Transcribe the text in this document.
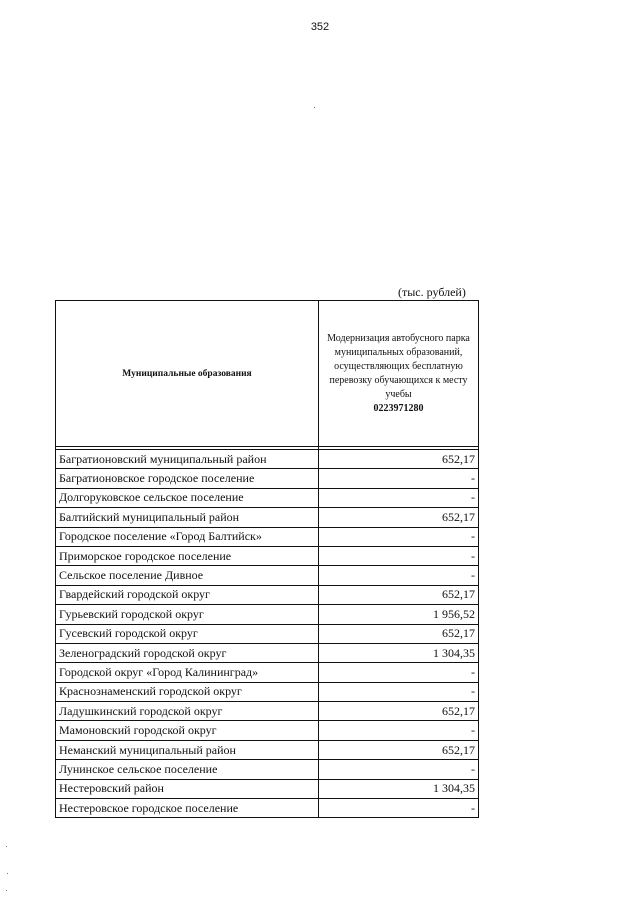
352
(тыс. рублей)
Муниципальные образования	Модернизация автобусного парка муниципальных образований, осуществляющих бесплатную перевозку обучающихся к месту учебы
0223971280

Багратионовский муниципальный район	652,17
Багратионовское городское поселение	-
Долгоруковское сельское поселение	-
Балтийский муниципальный район	652,17
Городское поселение «Город Балтийск»	-
Приморское городское поселение	-
Сельское поселение Дивное	-
Гвардейский городской округ	652,17
Гурьевский городской округ	1 956,52
Гусевский городской округ	652,17
Зеленоградский городской округ	1 304,35
Городской округ «Город Калининград»	-
Краснознаменский городской округ	-
Ладушкинский городской округ	652,17
Мамоновский городской округ	-
Неманский муниципальный район	652,17
Лунинское сельское поселение	-
Нестеровский район	1 304,35
Нестеровское городское поселение	-
